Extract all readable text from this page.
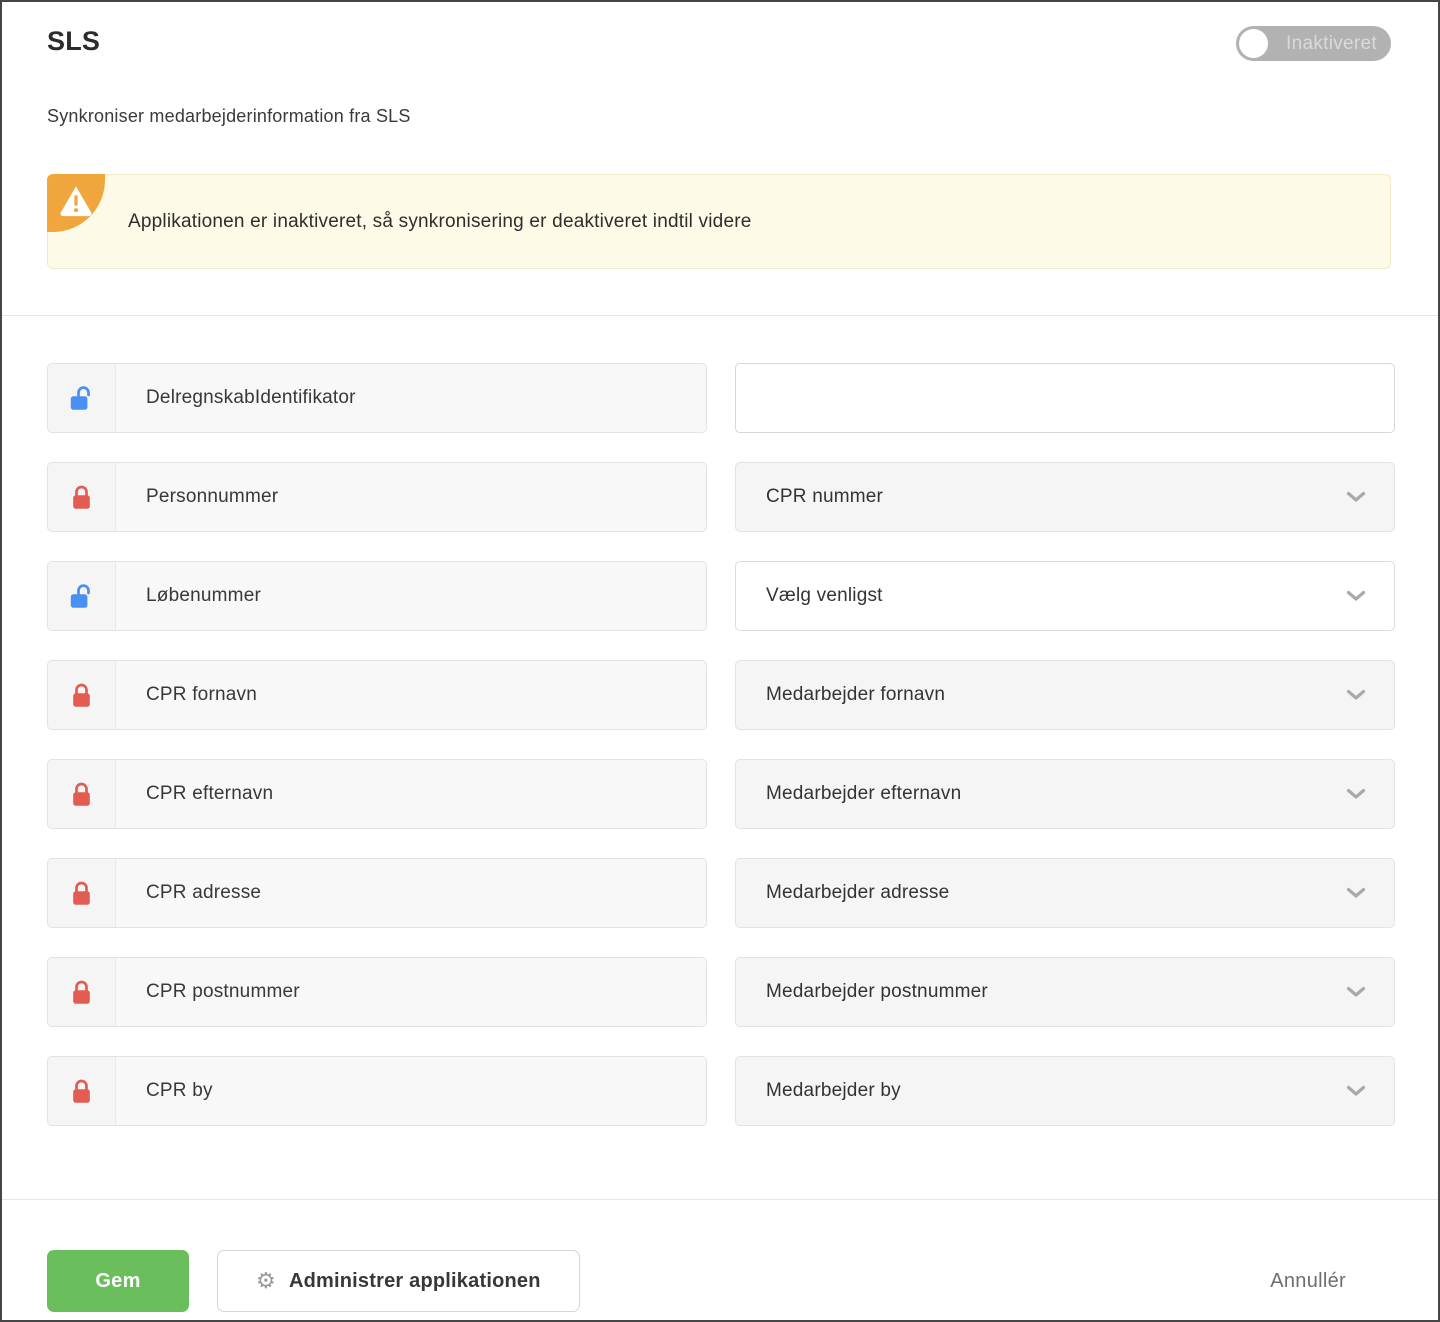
SLS	Inaktiveret
Synkroniser medarbejderinformation fra SLS
Applikationen er inaktiveret, så synkronisering er deaktiveret indtil videre
DelregnskabIdentifikator
Personnummer	CPR nummer
Løbenummer	Vælg venligst
CPR fornavn	Medarbejder fornavn
CPR efternavn	Medarbejder efternavn
CPR adresse	Medarbejder adresse
CPR postnummer	Medarbejder postnummer
CPR by	Medarbejder by
Gem	⚙ Administrer applikationen	Annullér
